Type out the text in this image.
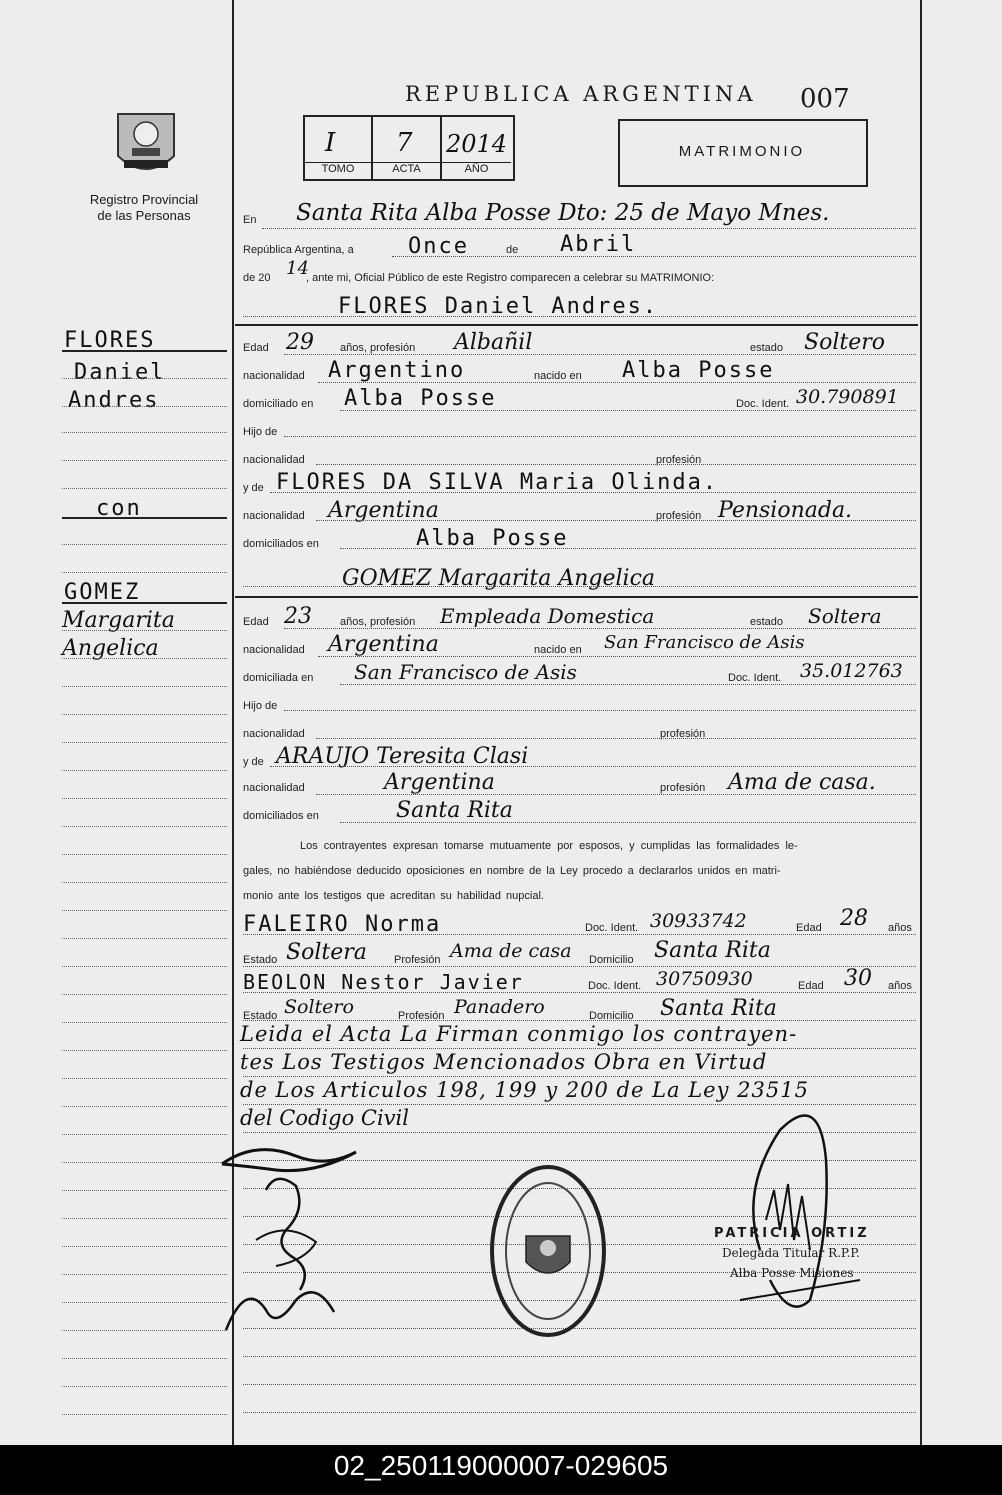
REPUBLICA ARGENTINA 007
Registro Provincial
de las Personas
I 7 2014
TOMO	ACTA	AÑO
MATRIMONIO
FLORES
Daniel
Andres
con
GOMEZ
Margarita
Angelica
En Santa Rita Alba Posse Dto: 25 de Mayo Mnes.
República Argentina, a Once	de Abril
de 20 14
, ante mi, Oficial Público de este Registro comparecen a celebrar su MATRIMONIO:
FLORES Daniel Andres.
Edad 29 años, profesión Albañil	estado Soltero
nacionalidad Argentino	nacido en Alba Posse
domiciliado en Alba Posse	Doc. Ident. 30.790891
Hijo de
nacionalidad	profesión
y de FLORES DA SILVA Maria Olinda.
nacionalidad Argentina	profesión Pensionada.
domiciliados en	Alba Posse
GOMEZ Margarita Angelica
Edad 23	años, profesión Empleada Domestica	estado Soltera
nacionalidad Argentina	nacido en San Francisco de Asis
domiciliada en San Francisco de Asis	Doc. Ident. 35.012763
Hijo de
nacionalidad	profesión
y de ARAUJO Teresita Clasi
nacionalidad	Argentina	profesión Ama de casa.
domiciliados en	Santa Rita
Los contrayentes expresan tomarse mutuamente por esposos, y cumplidas las formalidades le-
gales, no habiéndose deducido oposiciones en nombre de la Ley procedo a declararlos unidos en matri-
monio ante los testigos que acreditan su habilidad nupcial.
FALEIRO Norma	Doc. Ident. 30933742	Edad 28 años
Estado Soltera Profesión Ama de casa Domicilio Santa Rita
BEOLON Nestor Javier	Doc. Ident. 30750930	Edad 30 años
Estado Soltero	Profesión Panadero	Domicilio Santa Rita
Leida el Acta La Firman conmigo los contrayen-
tes Los Testigos Mencionados Obra en Virtud
de Los Articulos 198, 199 y 200 de La Ley 23515
del Codigo Civil
PATRICIA ORTIZ
Delegada Titular R.P.P.
Alba Posse Misiones
02_250119000007-029605
